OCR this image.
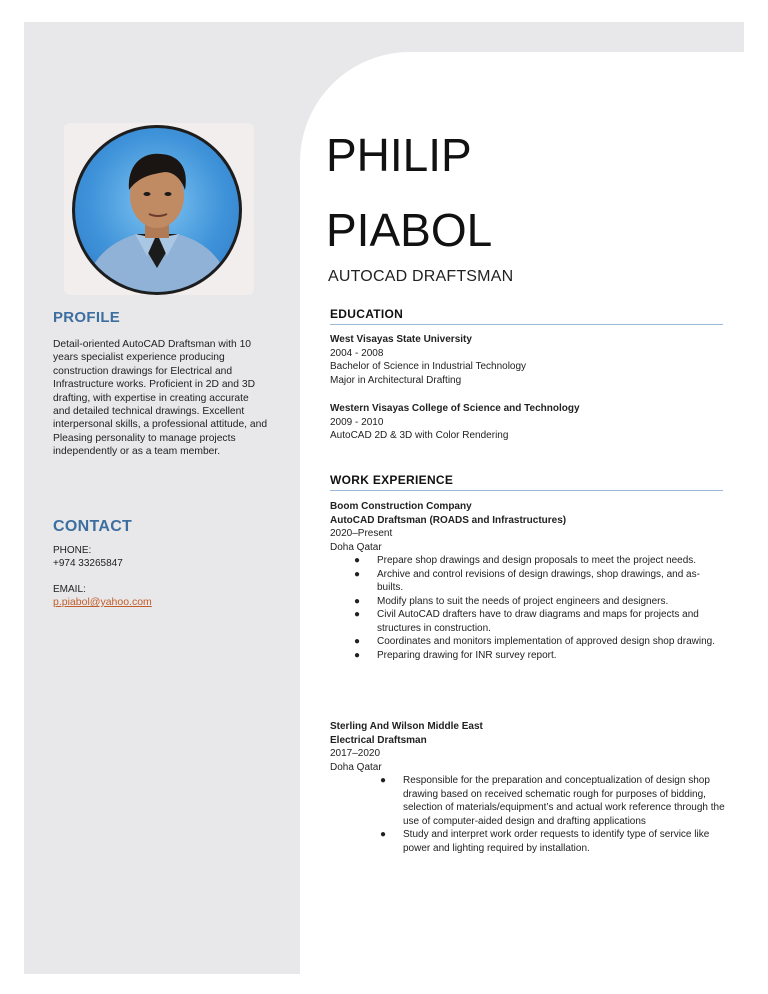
PROFILE
Detail-oriented AutoCAD Draftsman with 10 years specialist experience producing construction drawings for Electrical and Infrastructure works. Proficient in 2D and 3D drafting, with expertise in creating accurate and detailed technical drawings. Excellent interpersonal skills, a professional attitude, and Pleasing personality to manage projects independently or as a team member.
CONTACT
PHONE:
+974 33265847
EMAIL:
p.piabol@yahoo.com
PHILIP
PIABOL
AUTOCAD DRAFTSMAN
EDUCATION
West Visayas State University
2004 - 2008
Bachelor of Science in Industrial Technology
Major in Architectural Drafting
Western Visayas College of Science and Technology
2009 - 2010
AutoCAD 2D & 3D with Color Rendering
WORK EXPERIENCE
Boom Construction Company
AutoCAD Draftsman (ROADS and Infrastructures)
2020–Present
Doha Qatar
● Prepare shop drawings and design proposals to meet the project needs.
● Archive and control revisions of design drawings, shop drawings, and as-builts.
● Modify plans to suit the needs of project engineers and designers.
● Civil AutoCAD drafters have to draw diagrams and maps for projects and structures in construction.
● Coordinates and monitors implementation of approved design shop drawing.
● Preparing drawing for INR survey report.
Sterling And Wilson Middle East
Electrical Draftsman
2017–2020
Doha Qatar
● Responsible for the preparation and conceptualization of design shop drawing based on received schematic rough for purposes of bidding, selection of materials/equipment’s and actual work reference through the use of computer-aided design and drafting applications
● Study and interpret work order requests to identify type of service like power and lighting required by installation.
